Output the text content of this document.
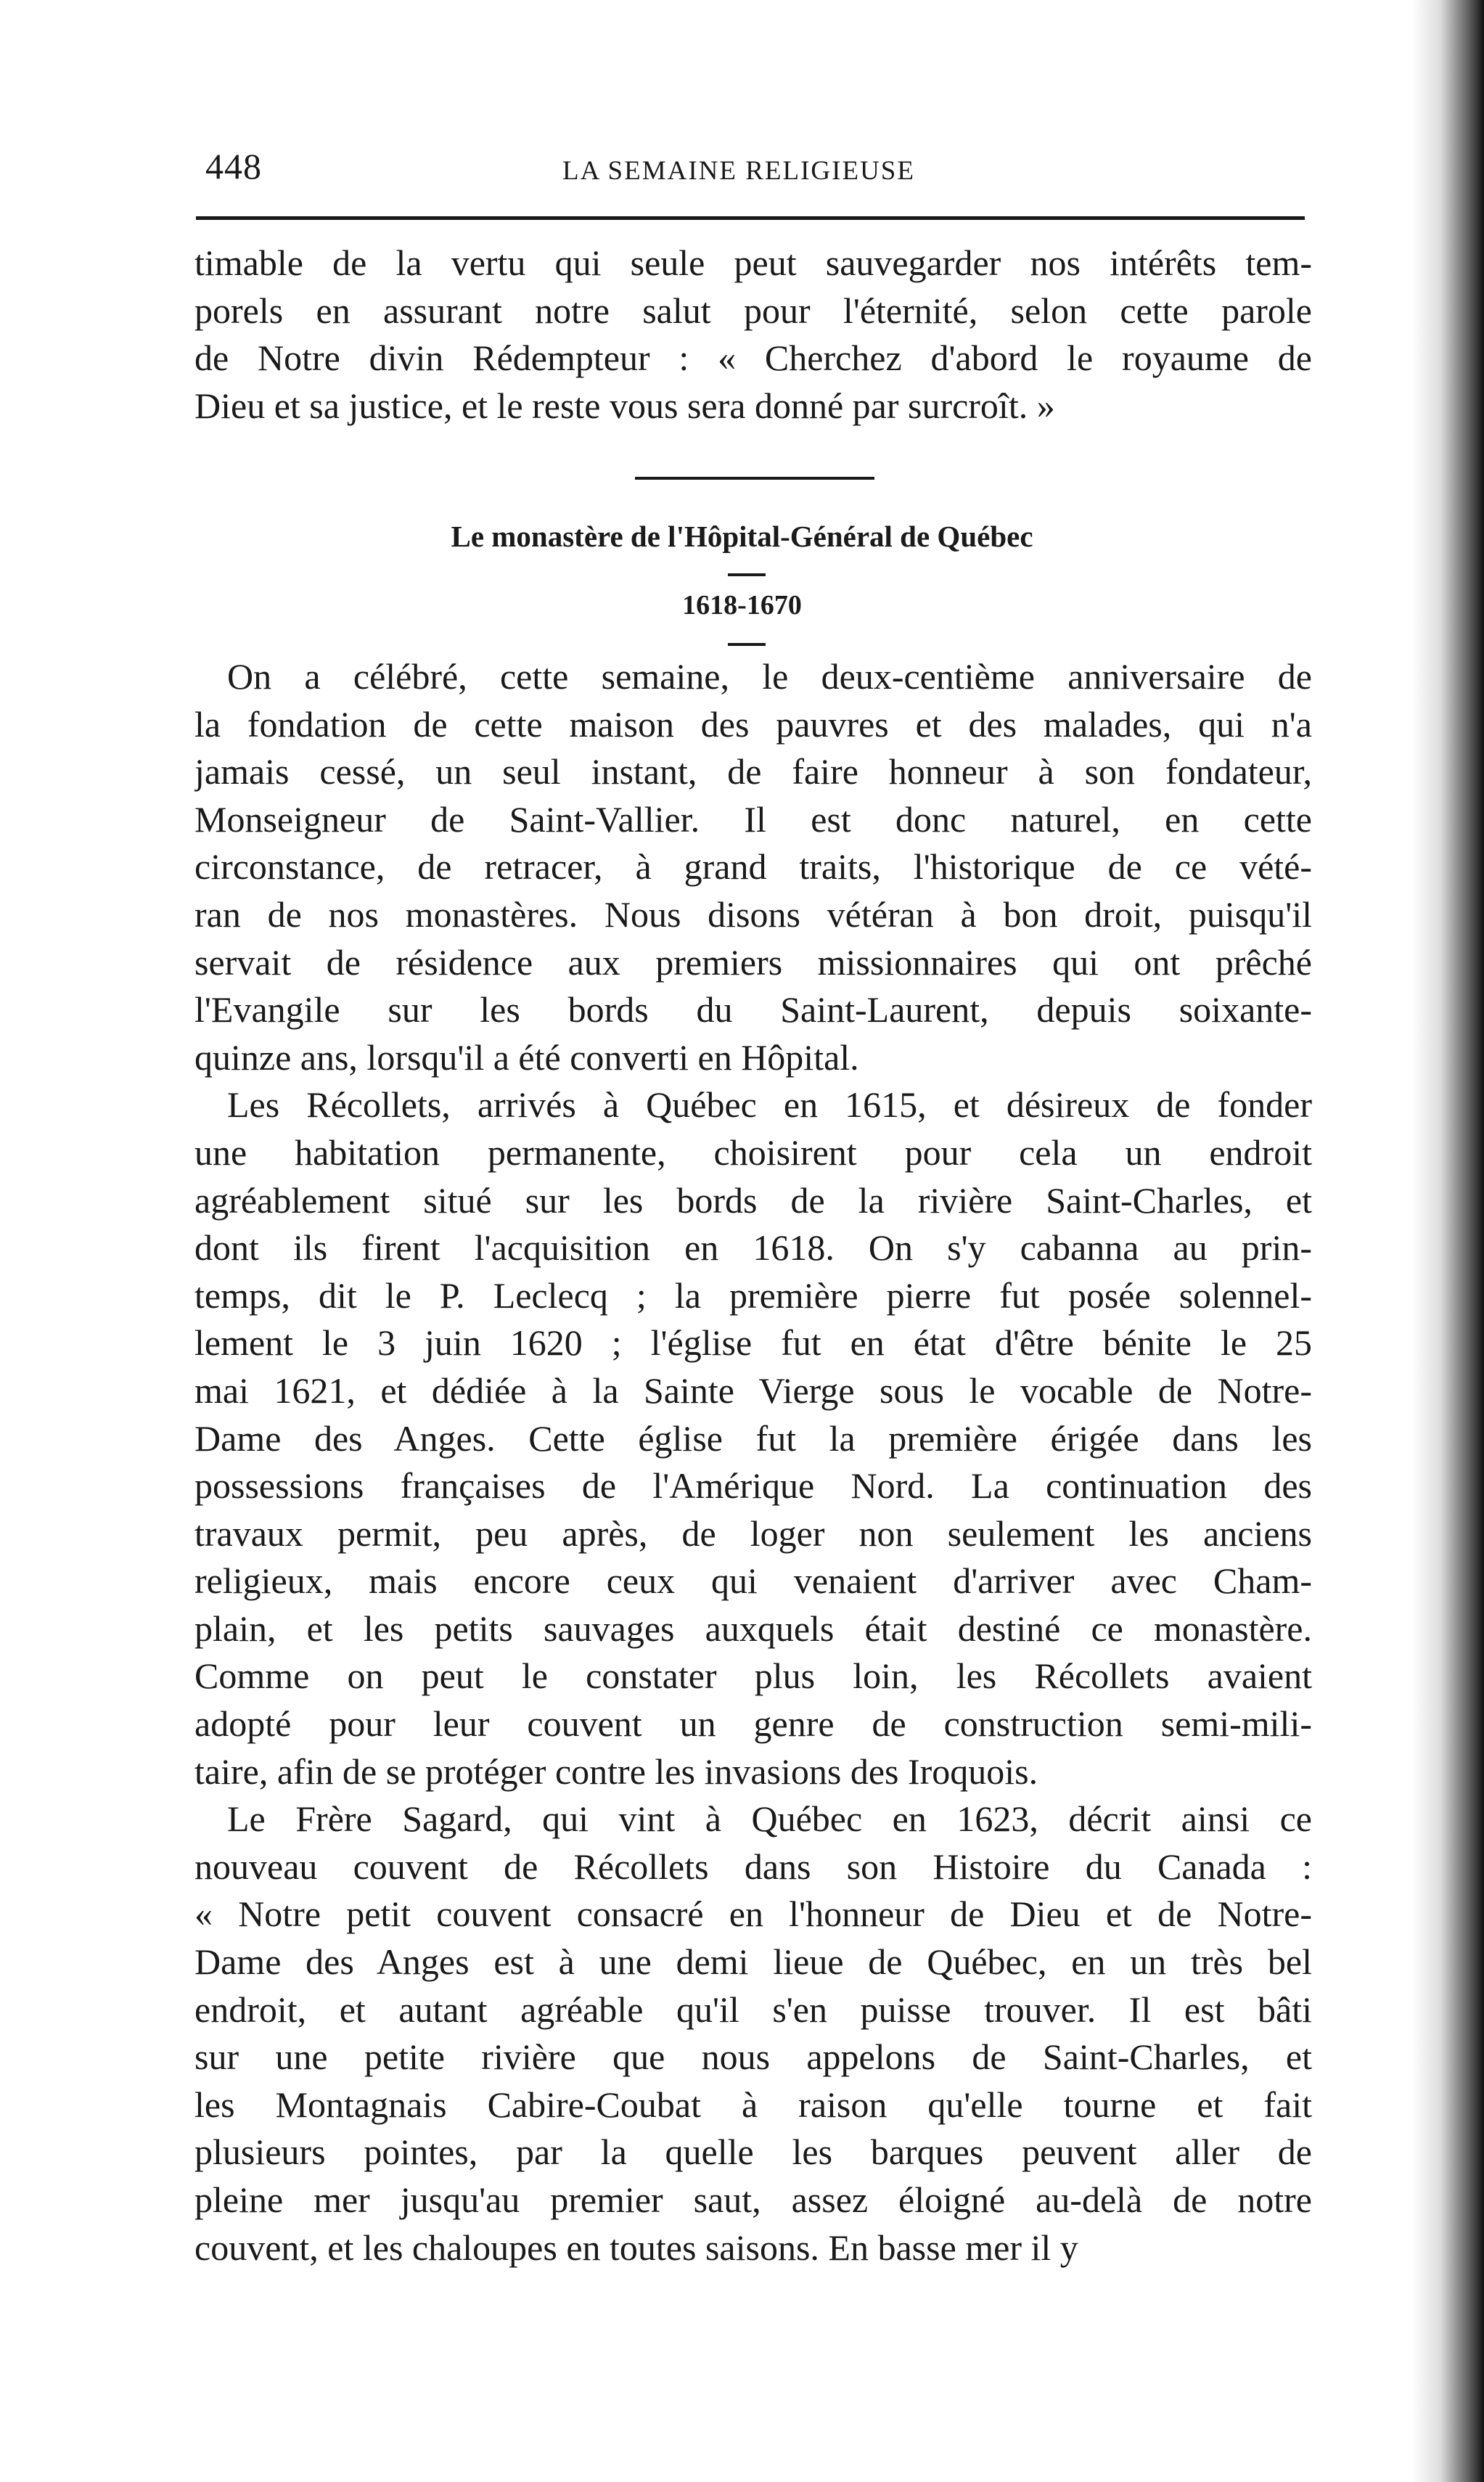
448	LA SEMAINE RELIGIEUSE
timable de la vertu qui seule peut sauvegarder nos intérêts tem-
porels en assurant notre salut pour l'éternité, selon cette parole
de Notre divin Rédempteur : « Cherchez d'abord le royaume de
Dieu et sa justice, et le reste vous sera donné par surcroît. »
Le monastère de l'Hôpital-Général de Québec
1618-1670
On a célébré, cette semaine, le deux-centième anniversaire de
la fondation de cette maison des pauvres et des malades, qui n'a
jamais cessé, un seul instant, de faire honneur à son fondateur,
Monseigneur de Saint-Vallier. Il est donc naturel, en cette
circonstance, de retracer, à grand traits, l'historique de ce vété-
ran de nos monastères. Nous disons vétéran à bon droit, puisqu'il
servait de résidence aux premiers missionnaires qui ont prêché
l'Evangile sur les bords du Saint-Laurent, depuis soixante-
quinze ans, lorsqu'il a été converti en Hôpital.
Les Récollets, arrivés à Québec en 1615, et désireux de fonder
une habitation permanente, choisirent pour cela un endroit
agréablement situé sur les bords de la rivière Saint-Charles, et
dont ils firent l'acquisition en 1618. On s'y cabanna au prin-
temps, dit le P. Leclecq ; la première pierre fut posée solennel-
lement le 3 juin 1620 ; l'église fut en état d'être bénite le 25
mai 1621, et dédiée à la Sainte Vierge sous le vocable de Notre-
Dame des Anges. Cette église fut la première érigée dans les
possessions françaises de l'Amérique Nord. La continuation des
travaux permit, peu après, de loger non seulement les anciens
religieux, mais encore ceux qui venaient d'arriver avec Cham-
plain, et les petits sauvages auxquels était destiné ce monastère.
Comme on peut le constater plus loin, les Récollets avaient
adopté pour leur couvent un genre de construction semi-mili-
taire, afin de se protéger contre les invasions des Iroquois.
Le Frère Sagard, qui vint à Québec en 1623, décrit ainsi ce
nouveau couvent de Récollets dans son Histoire du Canada :
« Notre petit couvent consacré en l'honneur de Dieu et de Notre-
Dame des Anges est à une demi lieue de Québec, en un très bel
endroit, et autant agréable qu'il s'en puisse trouver. Il est bâti
sur une petite rivière que nous appelons de Saint-Charles, et
les Montagnais Cabire-Coubat à raison qu'elle tourne et fait
plusieurs pointes, par la quelle les barques peuvent aller de
pleine mer jusqu'au premier saut, assez éloigné au-delà de notre
couvent, et les chaloupes en toutes saisons. En basse mer il y
